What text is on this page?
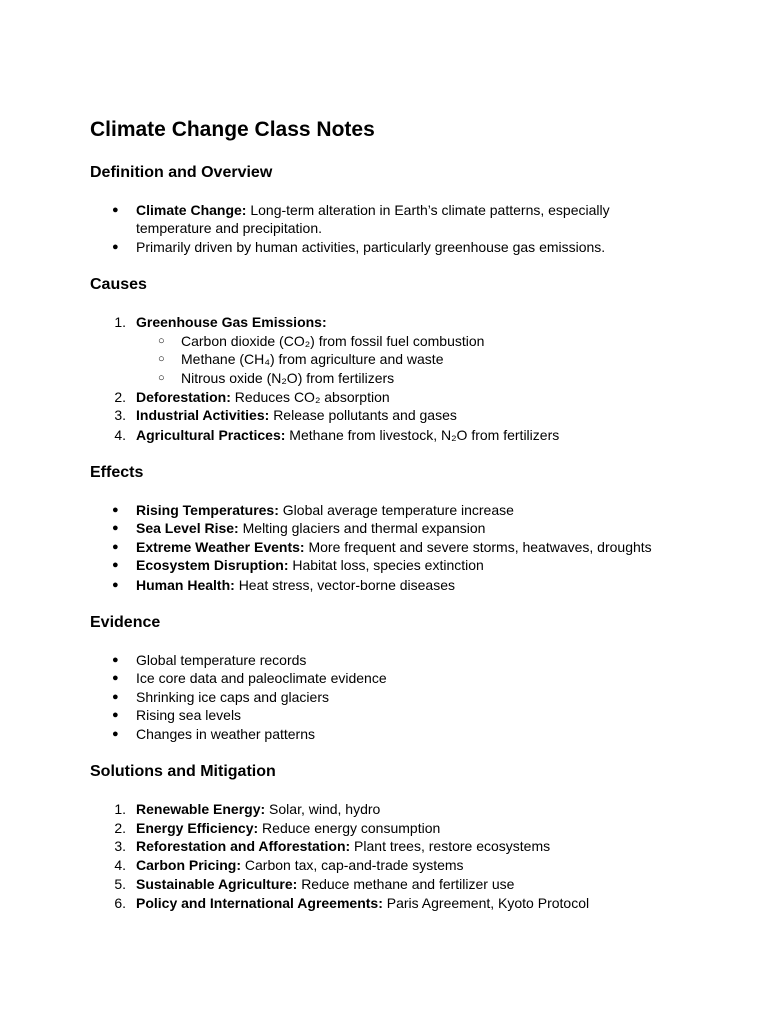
Climate Change Class Notes
Definition and Overview
● Climate Change: Long-term alteration in Earth’s climate patterns, especially
temperature and precipitation.
● Primarily driven by human activities, particularly greenhouse gas emissions.
Causes
1. Greenhouse Gas Emissions:
○ Carbon dioxide (CO₂) from fossil fuel combustion
○ Methane (CH₄) from agriculture and waste
○ Nitrous oxide (N₂O) from fertilizers
2. Deforestation: Reduces CO₂ absorption
3. Industrial Activities: Release pollutants and gases
4. Agricultural Practices: Methane from livestock, N₂O from fertilizers
Effects
● Rising Temperatures: Global average temperature increase
● Sea Level Rise: Melting glaciers and thermal expansion
● Extreme Weather Events: More frequent and severe storms, heatwaves, droughts
● Ecosystem Disruption: Habitat loss, species extinction
● Human Health: Heat stress, vector-borne diseases
Evidence
● Global temperature records
● Ice core data and paleoclimate evidence
● Shrinking ice caps and glaciers
● Rising sea levels
● Changes in weather patterns
Solutions and Mitigation
1. Renewable Energy: Solar, wind, hydro
2. Energy Efficiency: Reduce energy consumption
3. Reforestation and Afforestation: Plant trees, restore ecosystems
4. Carbon Pricing: Carbon tax, cap-and-trade systems
5. Sustainable Agriculture: Reduce methane and fertilizer use
6. Policy and International Agreements: Paris Agreement, Kyoto Protocol
